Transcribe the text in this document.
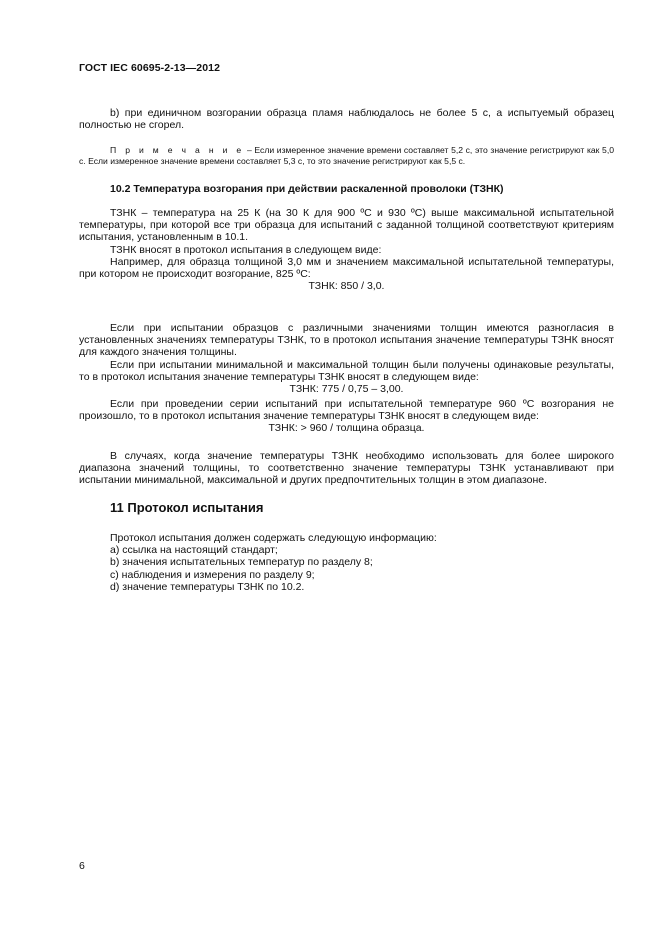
ГОСТ IEC 60695-2-13—2012
b) при единичном возгорании образца пламя наблюдалось не более 5 с, а испытуемый образец полностью не сгорел.
П р и м е ч а н и е – Если измеренное значение времени составляет 5,2 с, это значение регистрируют как 5,0 с. Если измеренное значение времени составляет 5,3 с, то это значение регистрируют как 5,5 с.
10.2 Температура возгорания при действии раскаленной проволоки (ТЗНК)

ТЗНК – температура на 25 К (на 30 К для 900 ºС и 930 ºС) выше максимальной испытательной температуры, при которой все три образца для испытаний с заданной толщиной соответствуют критериям испытания, установленным в 10.1.

ТЗНК вносят в протокол испытания в следующем виде:

Например, для образца толщиной 3,0 мм и значением максимальной испытательной температуры, при котором не происходит возгорание, 825 ºС:

ТЗНК: 850 / 3,0.

Если при испытании образцов с различными значениями толщин имеются разногласия в установленных значениях температуры ТЗНК, то в протокол испытания значение температуры ТЗНК вносят для каждого значения толщины.

Если при испытании минимальной и максимальной толщин были получены одинаковые результаты, то в протокол испытания значение температуры ТЗНК вносят в следующем виде:

ТЗНК: 775 / 0,75 – 3,00.

Если при проведении серии испытаний при испытательной температуре 960 ºС возгорания не произошло, то в протокол испытания значение температуры ТЗНК вносят в следующем виде:

ТЗНК: > 960 / толщина образца.

В случаях, когда значение температуры ТЗНК необходимо использовать для более широкого диапазона значений толщины, то соответственно значение температуры ТЗНК устанавливают при испытании минимальной, максимальной и других предпочтительных толщин в этом диапазоне.

11 Протокол испытания

Протокол испытания должен содержать следующую информацию:

a) ссылка на настоящий стандарт;

b) значения испытательных температур по разделу 8;

c) наблюдения и измерения по разделу 9;

d) значение температуры ТЗНК по 10.2.

6
